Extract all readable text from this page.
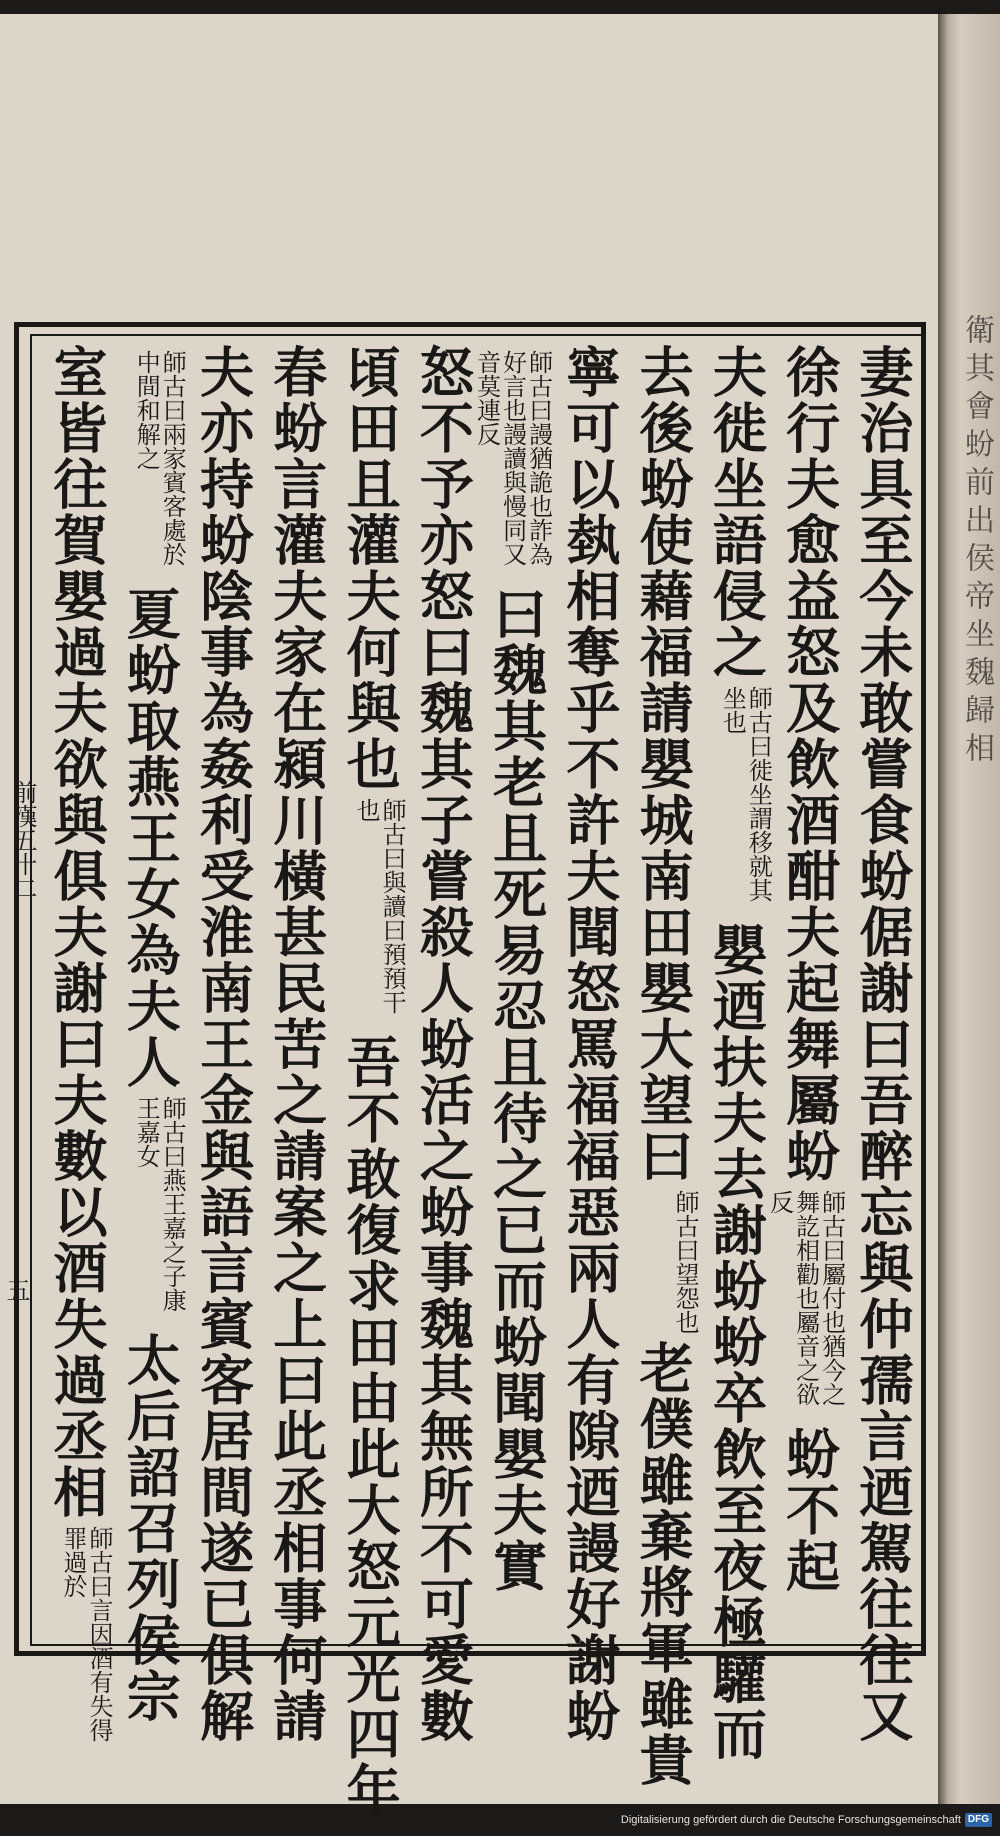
衛其會蚡前出侯帝坐魏歸相
前漢五十二
五	妻治具至今未敢嘗食蚡倨謝曰吾醉忘與仲孺言迺駕往往又
徐行夫愈益怒及飲酒酣夫起舞屬蚡師古曰屬付也猶今之舞訖相勸也屬音之欲反蚡不起
夫徙坐語侵之師古曰徙坐謂移就其坐也嬰迺扶夫去謝蚡蚡卒飲至夜極驩而
去後蚡使藉福請嬰城南田嬰大望曰師古曰望怨也老僕雖棄將軍雖貴
寧可以埶相奪乎不許夫聞怒罵福福惡兩人有隙迺謾好謝蚡
師古曰謾猶詭也詐為好言也謾讀與慢同又音莫連反曰魏其老且死易忍且待之已而蚡聞嬰夫實
怒不予亦怒曰魏其子嘗殺人蚡活之蚡事魏其無所不可愛數
頃田且灌夫何與也師古曰與讀曰預預干也吾不敢復求田由此大怒元光四年
春蚡言灌夫家在潁川橫甚民苦之請案之上曰此丞相事何請
夫亦持蚡陰事為姦利受淮南王金與語言賓客居間遂已俱解
師古曰兩家賓客處於中間和解之夏蚡取燕王女為夫人師古曰燕王嘉之子康王嘉女太后詔召列侯宗
室皆往賀嬰過夫欲與俱夫謝曰夫數以酒失過丞相師古曰言因酒有失得罪過於
Digitalisierung gefördert durch die Deutsche Forschungsgemeinschaft DFG
